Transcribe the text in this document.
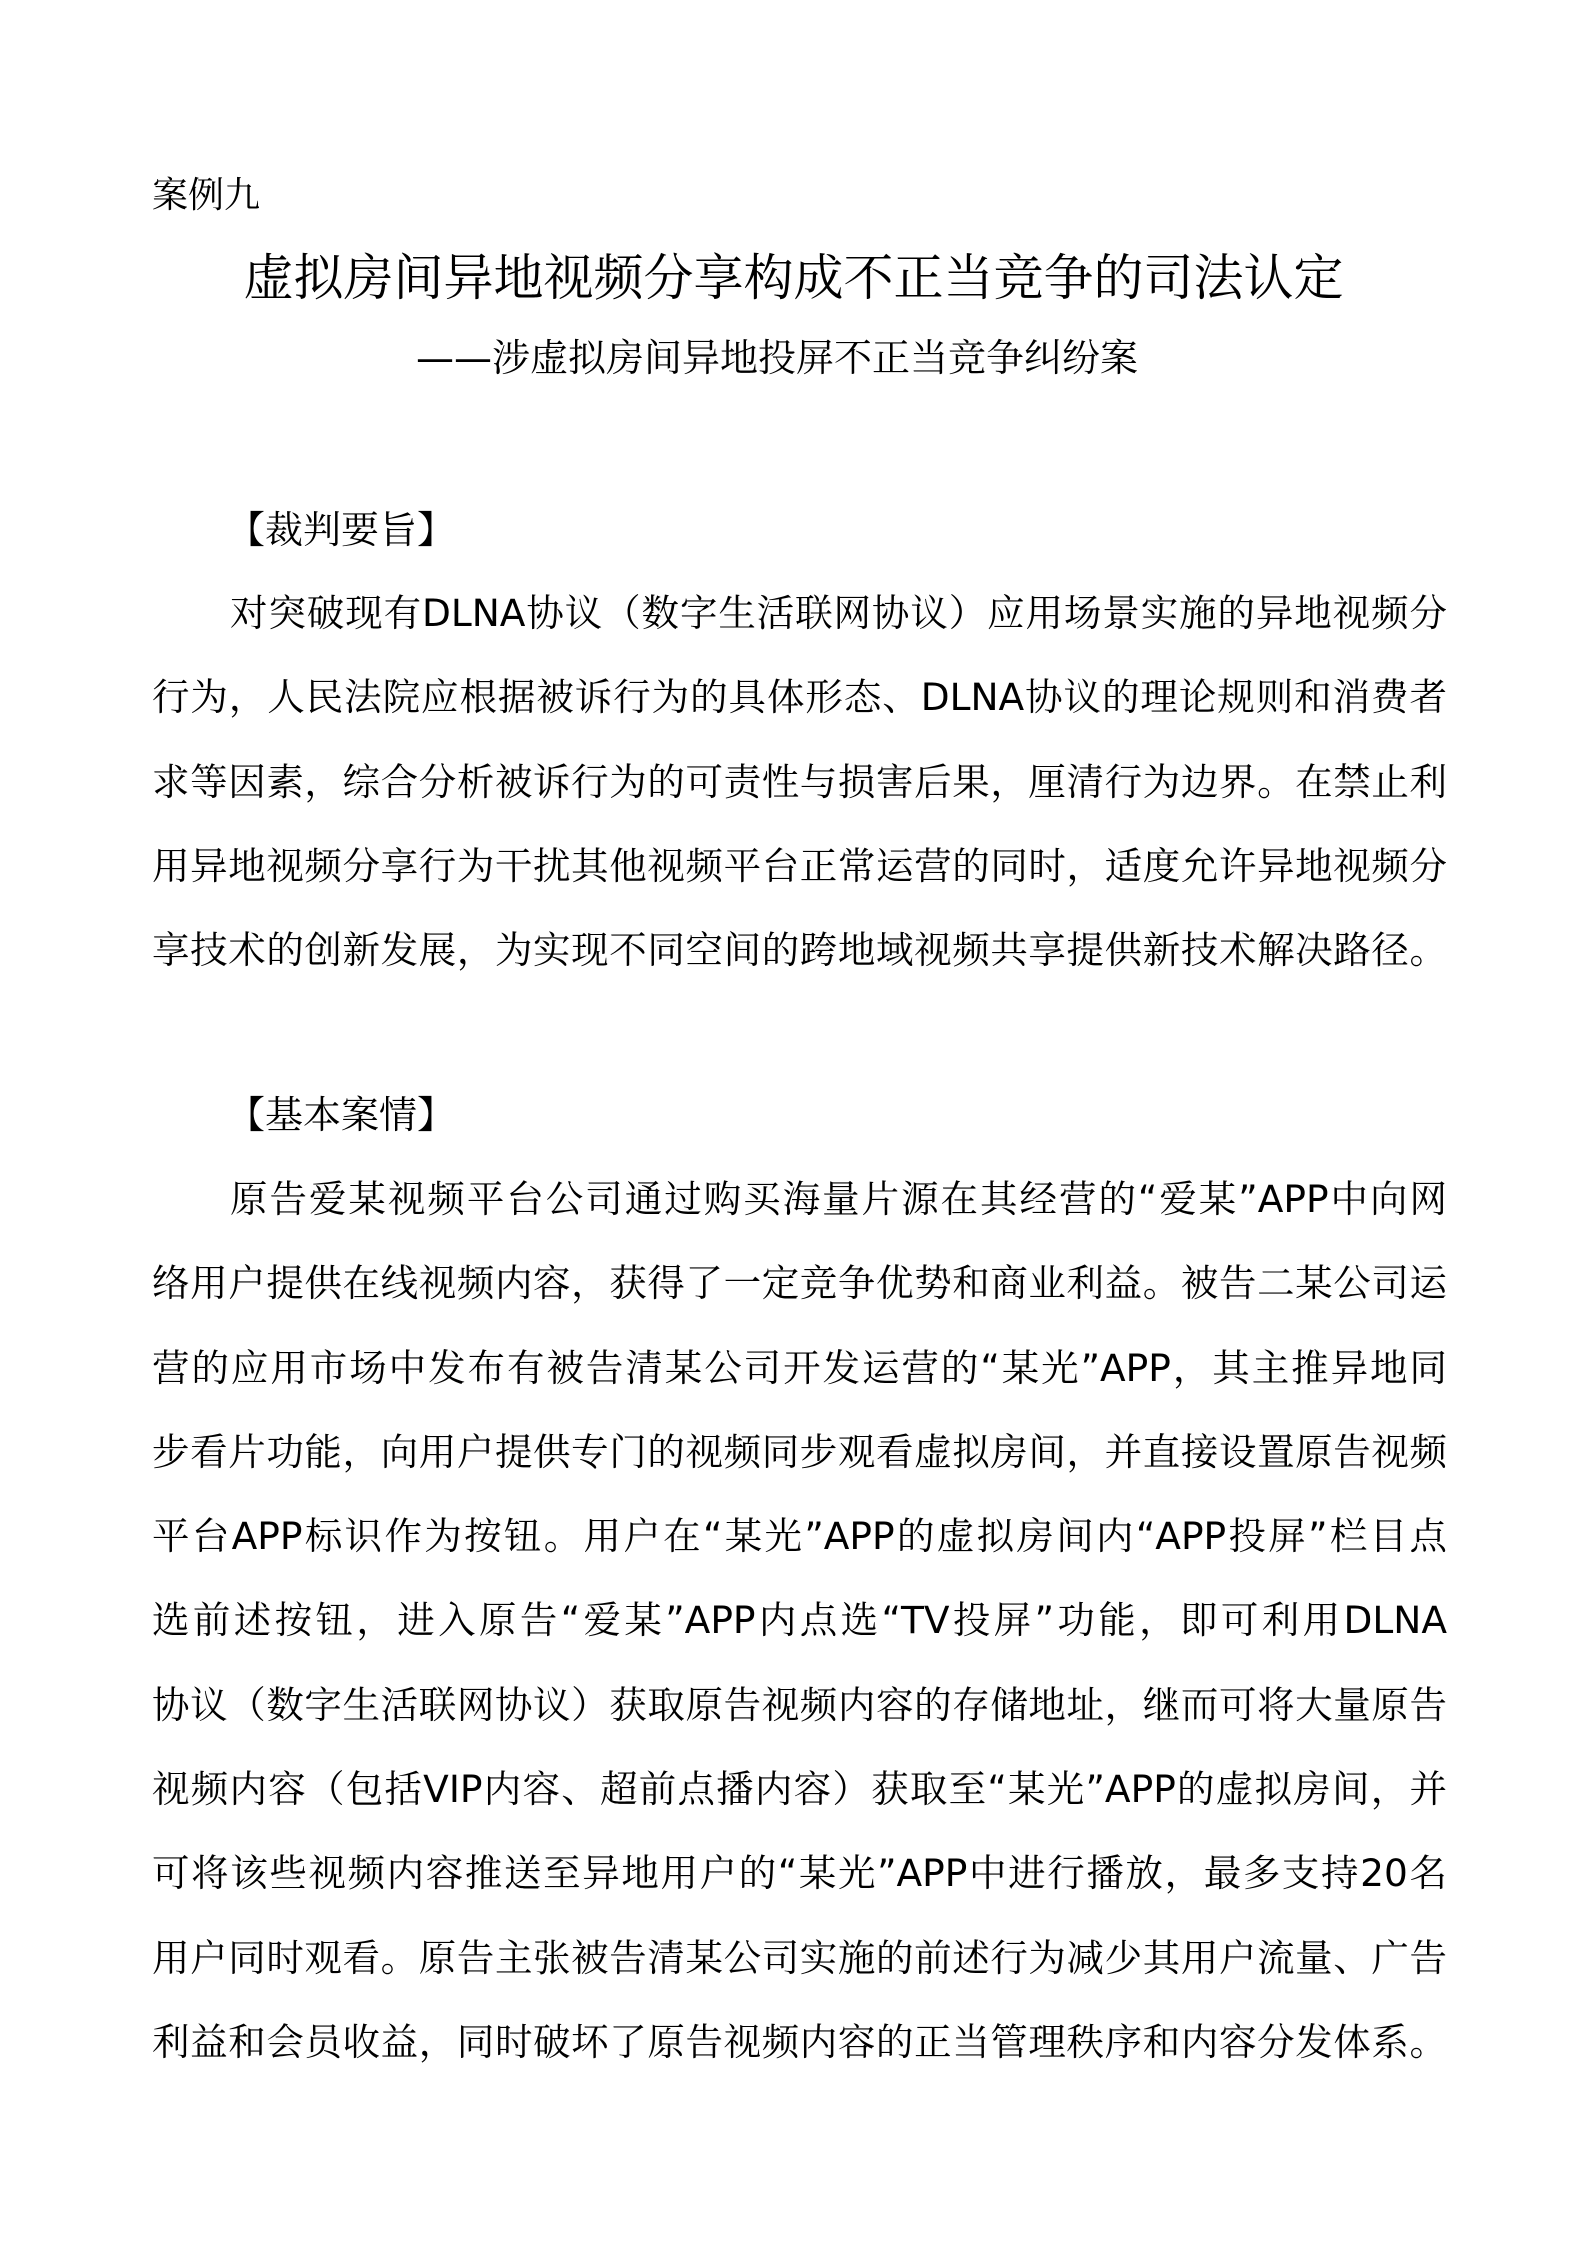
案例九
虚拟房间异地视频分享构成不正当竞争的司法认定
——涉虚拟房间异地投屏不正当竞争纠纷案
【裁判要旨】
对突破现有DLNA协议（数字生活联网协议）应用场景实施的异地视频分
行为，人民法院应根据被诉行为的具体形态、DLNA协议的理论规则和消费者
求等因素，综合分析被诉行为的可责性与损害后果，厘清行为边界。在禁止利
用异地视频分享行为干扰其他视频平台正常运营的同时，适度允许异地视频分
享技术的创新发展，为实现不同空间的跨地域视频共享提供新技术解决路径。
【基本案情】
原告爱某视频平台公司通过购买海量片源在其经营的“爱某”APP中向网
络用户提供在线视频内容，获得了一定竞争优势和商业利益。被告二某公司运
营的应用市场中发布有被告清某公司开发运营的“某光”APP，其主推异地同
步看片功能，向用户提供专门的视频同步观看虚拟房间，并直接设置原告视频
平台APP标识作为按钮。用户在“某光”APP的虚拟房间内“APP投屏”栏目点
选前述按钮，进入原告“爱某”APP内点选“TV投屏”功能，即可利用DLNA
协议（数字生活联网协议）获取原告视频内容的存储地址，继而可将大量原告
视频内容（包括VIP内容、超前点播内容）获取至“某光”APP的虚拟房间，并
可将该些视频内容推送至异地用户的“某光”APP中进行播放，最多支持20名
用户同时观看。原告主张被告清某公司实施的前述行为减少其用户流量、广告
利益和会员收益，同时破坏了原告视频内容的正当管理秩序和内容分发体系。
